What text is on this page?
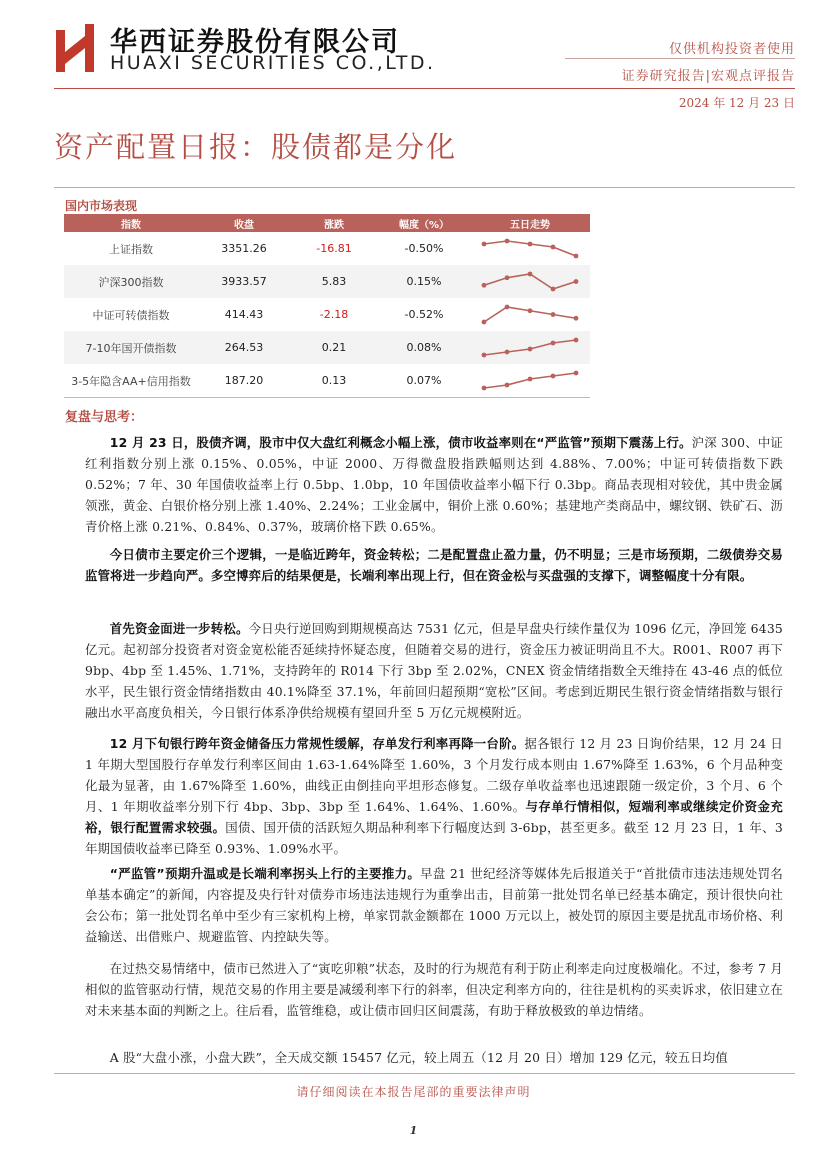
华西证券股份有限公司
HUAXI SECURITIES CO.,LTD.
仅供机构投资者使用
证券研究报告|宏观点评报告
2024 年 12 月 23 日
资产配置日报：股债都是分化
国内市场表现
指数	收盘	涨跌	幅度（%）	五日走势
上证指数	3351.26	-16.81	-0.50%
沪深300指数	3933.57	5.83	0.15%
中证可转债指数	414.43	-2.18	-0.52%
7-10年国开债指数	264.53	0.21	0.08%
3-5年隐含AA+信用指数	187.20	0.13	0.07%
复盘与思考：

12 月 23 日，股债齐调，股市中仅大盘红利概念小幅上涨，债市收益率则在“严监管”预期下震荡上行。沪深 300、中证红利指数分别上涨 0.15%、0.05%，中证 2000、万得微盘股指跌幅则达到 4.88%、7.00%；中证可转债指数下跌 0.52%；7 年、30 年国债收益率上行 0.5bp、1.0bp，10 年国债收益率小幅下行 0.3bp。商品表现相对较优，其中贵金属领涨，黄金、白银价格分别上涨 1.40%、2.24%；工业金属中，铜价上涨 0.60%；基建地产类商品中，螺纹钢、铁矿石、沥青价格上涨 0.21%、0.84%、0.37%，玻璃价格下跌 0.65%。

今日债市主要定价三个逻辑，一是临近跨年，资金转松；二是配置盘止盈力量，仍不明显；三是市场预期，二级债券交易监管将进一步趋向严。多空博弈后的结果便是，长端利率出现上行，但在资金松与买盘强的支撑下，调整幅度十分有限。

首先资金面进一步转松。今日央行逆回购到期规模高达 7531 亿元，但是早盘央行续作量仅为 1096 亿元，净回笼 6435 亿元。起初部分投资者对资金宽松能否延续持怀疑态度，但随着交易的进行，资金压力被证明尚且不大。R001、R007 再下 9bp、4bp 至 1.45%、1.71%，支持跨年的 R014 下行 3bp 至 2.02%，CNEX 资金情绪指数全天维持在 43-46 点的低位水平，民生银行资金情绪指数由 40.1%降至 37.1%，年前回归超预期“宽松”区间。考虑到近期民生银行资金情绪指数与银行融出水平高度负相关，今日银行体系净供给规模有望回升至 5 万亿元规模附近。

12 月下旬银行跨年资金储备压力常规性缓解，存单发行利率再降一台阶。据各银行 12 月 23 日询价结果，12 月 24 日 1 年期大型国股行存单发行利率区间由 1.63-1.64%降至 1.60%，3 个月发行成本则由 1.67%降至 1.63%，6 个月品种变化最为显著，由 1.67%降至 1.60%，曲线正由倒挂向平坦形态修复。二级存单收益率也迅速跟随一级定价，3 个月、6 个月、1 年期收益率分别下行 4bp、3bp、3bp 至 1.64%、1.64%、1.60%。与存单行情相似，短端利率或继续定价资金充裕，银行配置需求较强。国债、国开债的活跃短久期品种利率下行幅度达到 3-6bp，甚至更多。截至 12 月 23 日，1 年、3 年期国债收益率已降至 0.93%、1.09%水平。

“严监管”预期升温或是长端利率拐头上行的主要推力。早盘 21 世纪经济等媒体先后报道关于“首批债市违法违规处罚名单基本确定”的新闻，内容提及央行针对债券市场违法违规行为重拳出击，目前第一批处罚名单已经基本确定，预计很快向社会公布；第一批处罚名单中至少有三家机构上榜，单家罚款金额都在 1000 万元以上，被处罚的原因主要是扰乱市场价格、利益输送、出借账户、规避监管、内控缺失等。

在过热交易情绪中，债市已然进入了“寅吃卯粮”状态，及时的行为规范有利于防止利率走向过度极端化。不过，参考 7 月相似的监管驱动行情，规范交易的作用主要是减缓利率下行的斜率，但决定利率方向的，往往是机构的买卖诉求，依旧建立在对未来基本面的判断之上。往后看，监管维稳，或让债市回归区间震荡，有助于释放极致的单边情绪。

A 股“大盘小涨，小盘大跌”，全天成交额 15457 亿元，较上周五（12 月 20 日）增加 129 亿元，较五日均值

请仔细阅读在本报告尾部的重要法律声明
1
